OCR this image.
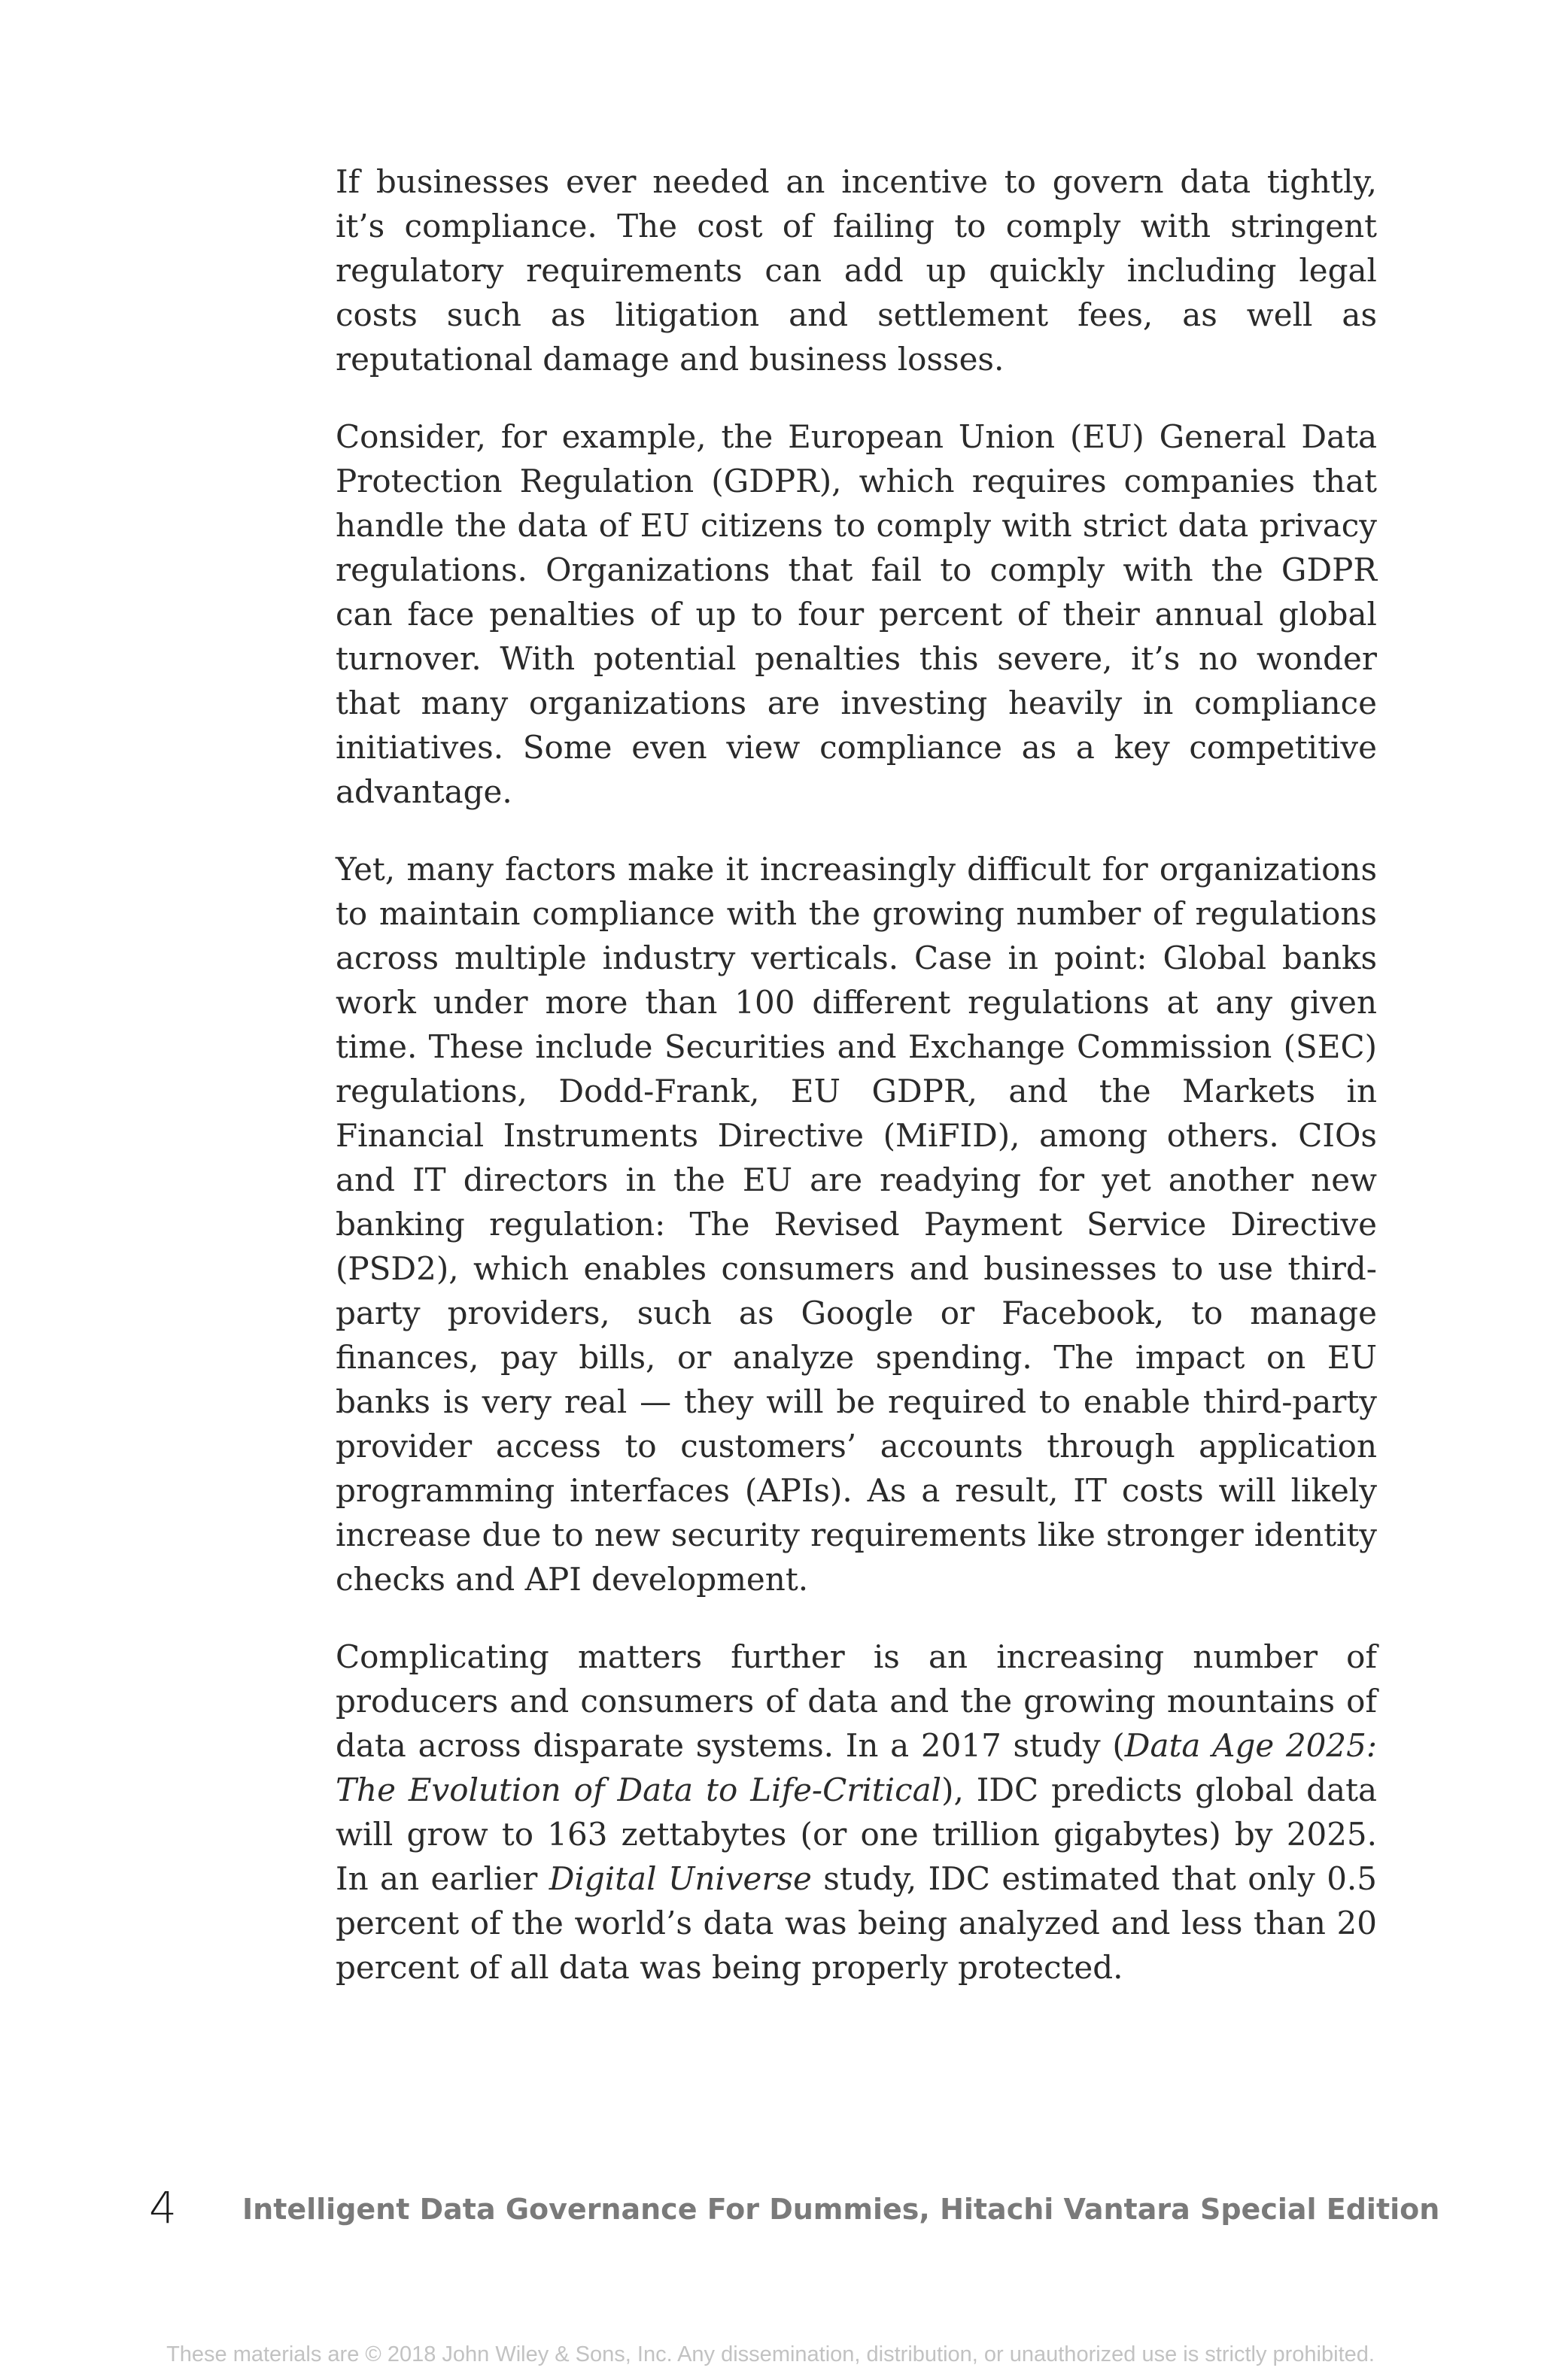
If businesses ever needed an incentive to govern data tightly, it’s compliance. The cost of failing to comply with stringent regulatory requirements can add up quickly including legal costs such as litigation and settlement fees, as well as reputational damage and business losses.

Consider, for example, the European Union (EU) General Data Protection Regulation (GDPR), which requires companies that handle the data of EU citizens to comply with strict data privacy regulations. Organizations that fail to comply with the GDPR can face penalties of up to four percent of their annual global turnover. With potential penalties this severe, it’s no wonder that many organizations are investing heavily in compliance initiatives. Some even view compliance as a key competitive advantage.

Yet, many factors make it increasingly difficult for organizations to maintain compliance with the growing number of regulations across multiple industry verticals. Case in point: Global banks work under more than 100 different regulations at any given time. These include Securities and Exchange Commission (SEC) regulations, Dodd-Frank, EU GDPR, and the Markets in Financial Instruments Directive (MiFID), among others. CIOs and IT directors in the EU are readying for yet another new banking regulation: The Revised Payment Service Directive (PSD2), which enables consumers and businesses to use third-party providers, such as Google or Facebook, to manage finances, pay bills, or analyze spending. The impact on EU banks is very real — they will be required to enable third-party provider access to customers’ accounts through application programming interfaces (APIs). As a result, IT costs will likely increase due to new security requirements like stronger identity checks and API development.

Complicating matters further is an increasing number of producers and consumers of data and the growing mountains of data across disparate systems. In a 2017 study (Data Age 2025: The Evolution of Data to Life-Critical), IDC predicts global data will grow to 163 zettabytes (or one trillion gigabytes) by 2025. In an earlier Digital Universe study, IDC estimated that only 0.5 percent of the world’s data was being analyzed and less than 20 percent of all data was being properly protected.

4 Intelligent Data Governance For Dummies, Hitachi Vantara Special Edition
These materials are © 2018 John Wiley & Sons, Inc. Any dissemination, distribution, or unauthorized use is strictly prohibited.
